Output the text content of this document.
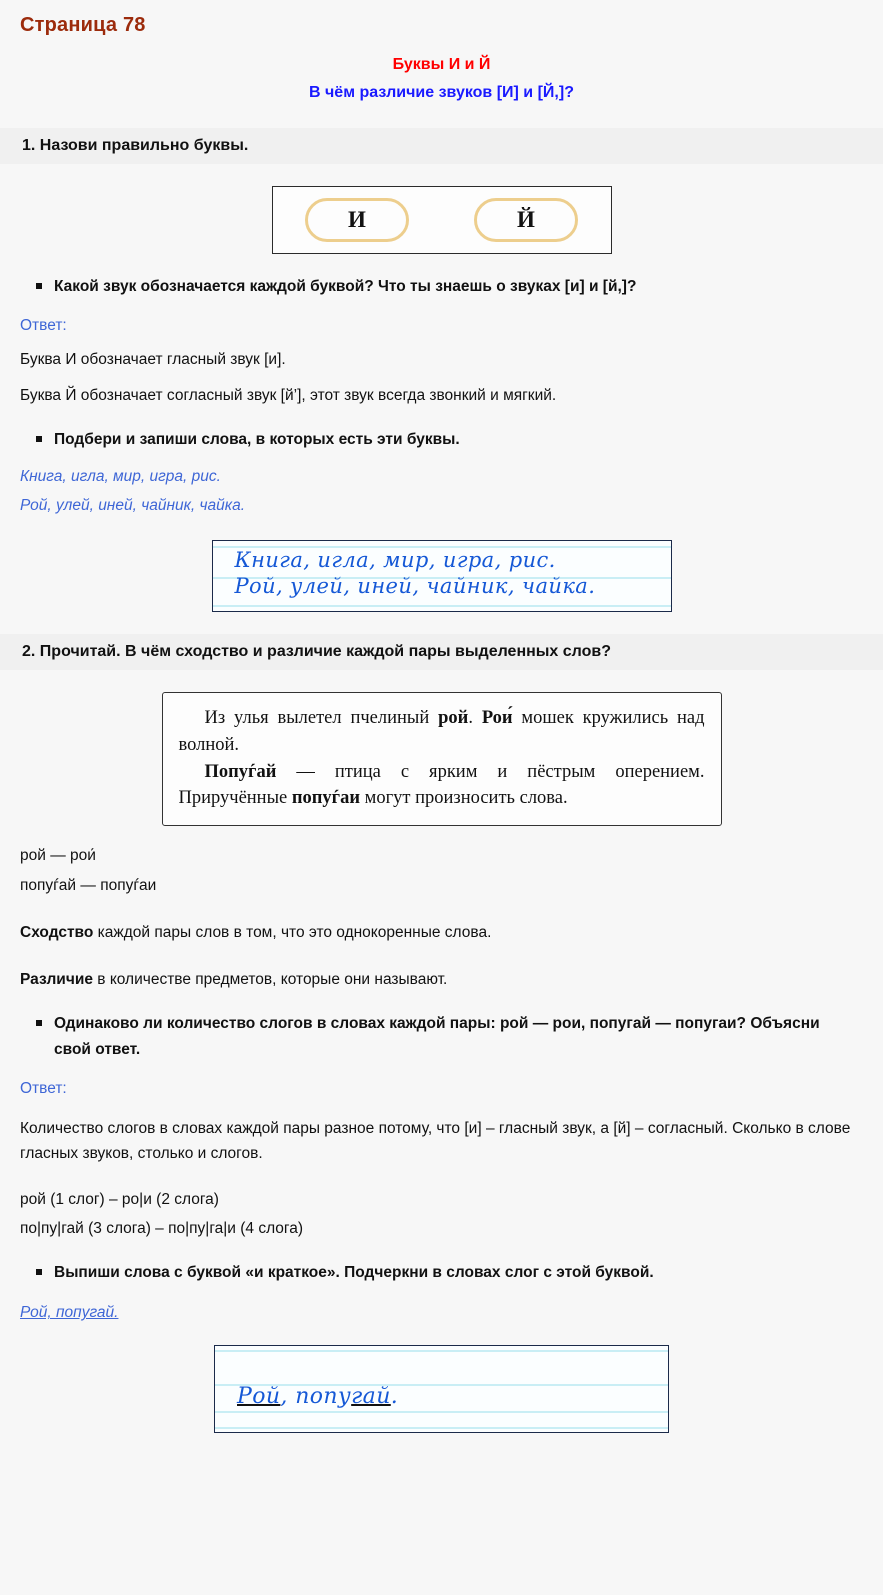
Страница 78
Буквы И и Й
В чём различие звуков [И] и [Й,]?
1. Назови правильно буквы.
И	Й
Какой звук обозначается каждой буквой? Что ты знаешь о звуках [и] и [й,]?

Ответ:

Буква И обозначает гласный звук [и].

Буква Й обозначает согласный звук [й’], этот звук всегда звонкий и мягкий.

Подбери и запиши слова, в которых есть эти буквы.

Книга, игла, мир, игра, рис.

Рой, улей, иней, чайник, чайка.

Книга, игла, мир, игра, рис.
Рой, улей, иней, чайник, чайка.
2. Прочитай. В чём сходство и различие каждой пары выделенных слов?

Из улья вылетел пчелиный рой. Рои́ мошек кружились над волной.

Попуѓай — птица с ярким и пёстрым оперением. Приручённые попуѓаи могут произносить слова.

рой — рои́

попуѓай — попуѓаи

Сходство каждой пары слов в том, что это однокоренные слова.

Различие в количестве предметов, которые они называют.

Одинаково ли количество слогов в словах каждой пары: рой — рои, попугай — попугаи? Объясни свой ответ.

Ответ:

Количество слогов в словах каждой пары разное потому, что [и] – гласный звук, а [й] – согласный. Сколько в слове гласных звуков, столько и слогов.

рой (1 слог) – ро|и (2 слога)

по|пу|гай (3 слога) – по|пу|га|и (4 слога)

Выпиши слова с буквой «и краткое». Подчеркни в словах слог с этой буквой.

Рой, попугай.

Рой, попугай.
